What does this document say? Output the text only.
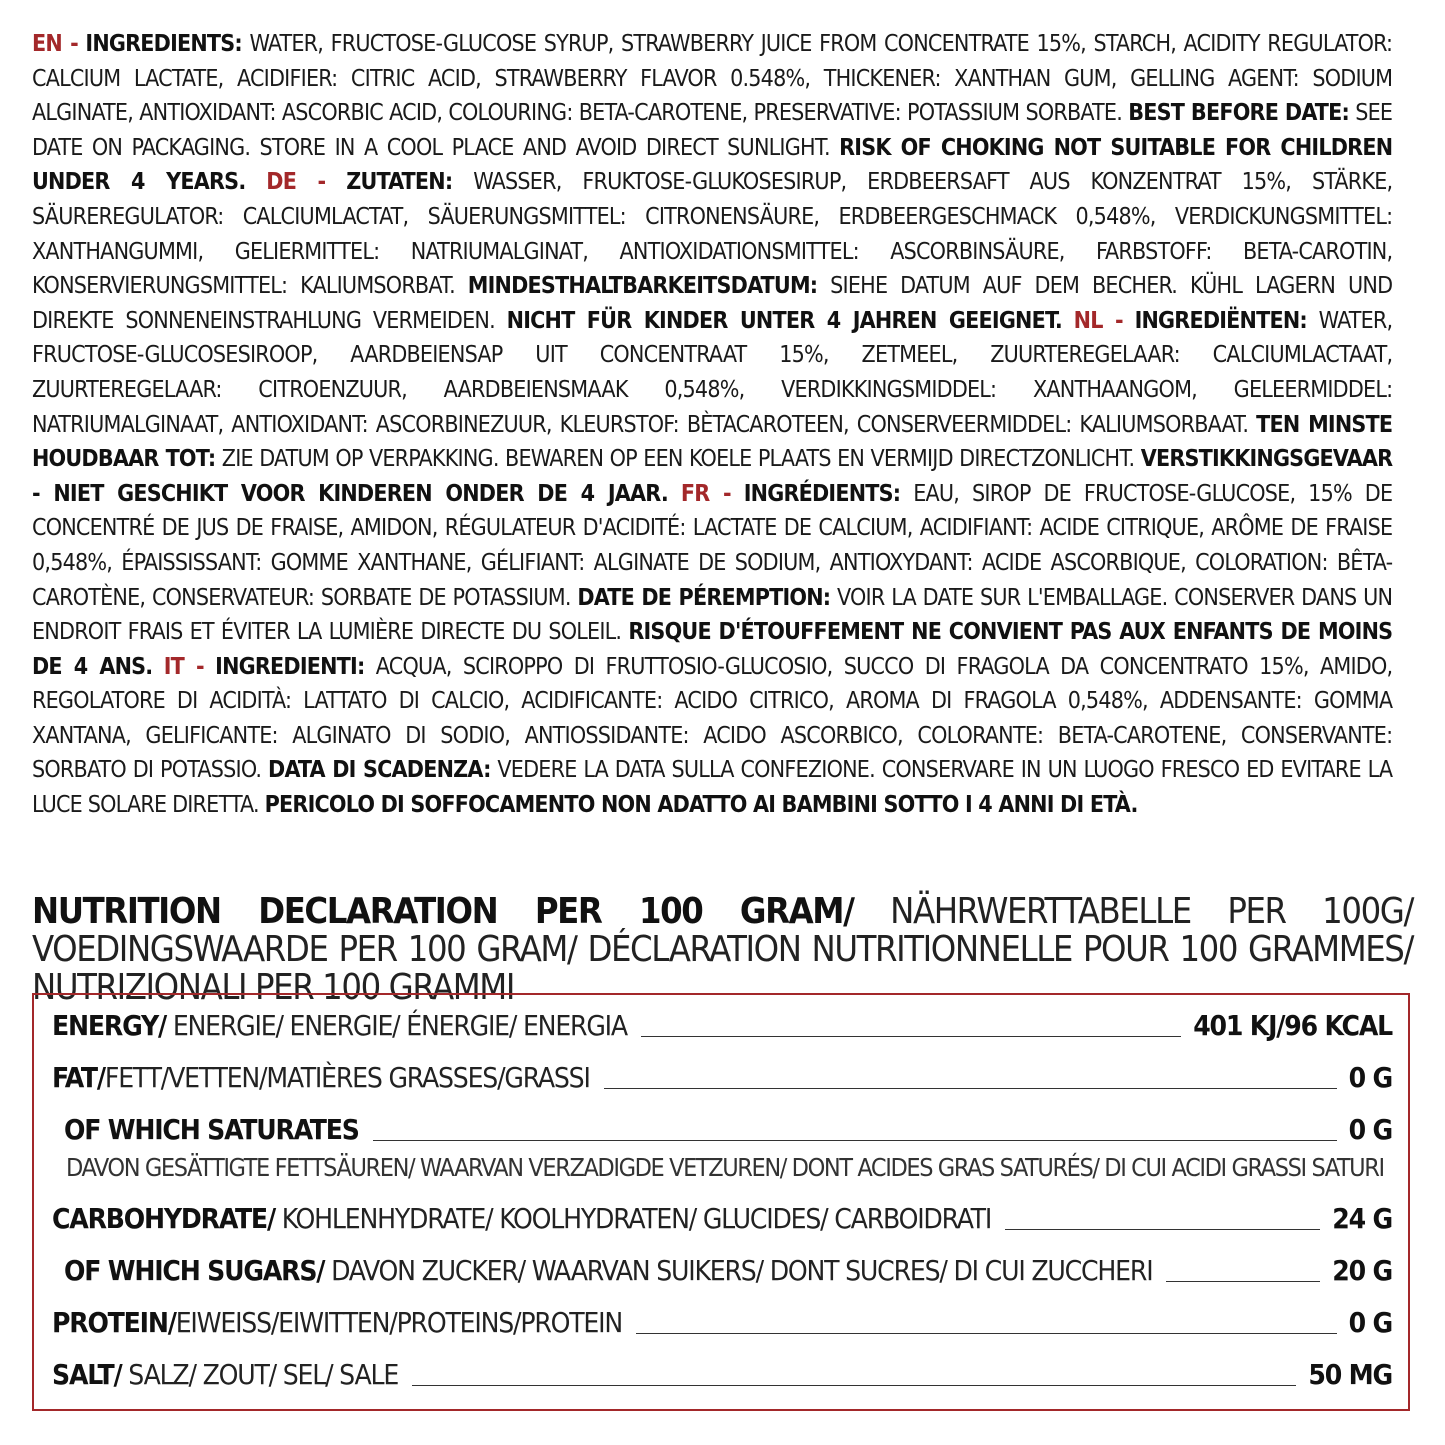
EN - INGREDIENTS: WATER, FRUCTOSE-GLUCOSE SYRUP, STRAWBERRY JUICE FROM CONCENTRATE 15%, STARCH, ACIDITY REGULATOR: CALCIUM LACTATE, ACIDIFIER: CITRIC ACID, STRAWBERRY FLAVOR 0.548%, THICKENER: XANTHAN GUM, GELLING AGENT: SODIUM ALGINATE, ANTIOXIDANT: ASCORBIC ACID, COLOURING: BETA-CAROTENE, PRESERVATIVE: POTASSIUM SORBATE. BEST BEFORE DATE: SEE DATE ON PACKAGING. STORE IN A COOL PLACE AND AVOID DIRECT SUNLIGHT. RISK OF CHOKING NOT SUITABLE FOR CHILDREN UNDER 4 YEARS. DE - ZUTATEN: WASSER, FRUKTOSE-GLUKOSESIRUP, ERDBEERSAFT AUS KONZENTRAT 15%, STÄRKE, SÄUREREGULATOR: CALCIUMLACTAT, SÄUERUNGSMITTEL: CITRONENSÄURE, ERDBEERGESCHMACK 0,548%, VERDICKUNGSMITTEL: XANTHANGUMMI, GELIERMITTEL: NATRIUMALGINAT, ANTIOXIDATIONSMITTEL: ASCORBINSÄURE, FARBSTOFF: BETA-CAROTIN, KONSERVIERUNGSMITTEL: KALIUMSORBAT. MINDESTHALTBARKEITSDATUM: SIEHE DATUM AUF DEM BECHER. KÜHL LAGERN UND DIREKTE SONNENEINSTRAHLUNG VERMEIDEN. NICHT FÜR KINDER UNTER 4 JAHREN GEEIGNET. NL - INGREDIËNTEN: WATER, FRUCTOSE-GLUCOSESIROOP, AARDBEIENSAP UIT CONCENTRAAT 15%, ZETMEEL, ZUURTEREGELAAR: CALCIUMLACTAAT, ZUURTEREGELAAR: CITROENZUUR, AARDBEIENSMAAK 0,548%, VERDIKKINGSMIDDEL: XANTHAANGOM, GELEERMIDDEL: NATRIUMALGINAAT, ANTIOXIDANT: ASCORBINEZUUR, KLEURSTOF: BÈTACAROTEEN, CONSERVEERMIDDEL: KALIUMSORBAAT. TEN MINSTE HOUDBAAR TOT: ZIE DATUM OP VERPAKKING. BEWAREN OP EEN KOELE PLAATS EN VERMIJD DIRECTZONLICHT. VERSTIKKINGSGEVAAR - NIET GESCHIKT VOOR KINDEREN ONDER DE 4 JAAR. FR - INGRÉDIENTS: EAU, SIROP DE FRUCTOSE-GLUCOSE, 15% DE CONCENTRÉ DE JUS DE FRAISE, AMIDON, RÉGULATEUR D'ACIDITÉ: LACTATE DE CALCIUM, ACIDIFIANT: ACIDE CITRIQUE, ARÔME DE FRAISE 0,548%, ÉPAISSISSANT: GOMME XANTHANE, GÉLIFIANT: ALGINATE DE SODIUM, ANTIOXYDANT: ACIDE ASCORBIQUE, COLORATION: BÊTA-CAROTÈNE, CONSERVATEUR: SORBATE DE POTASSIUM. DATE DE PÉREMPTION: VOIR LA DATE SUR L'EMBALLAGE. CONSERVER DANS UN ENDROIT FRAIS ET ÉVITER LA LUMIÈRE DIRECTE DU SOLEIL. RISQUE D'ÉTOUFFEMENT NE CONVIENT PAS AUX ENFANTS DE MOINS DE 4 ANS. IT - INGREDIENTI: ACQUA, SCIROPPO DI FRUTTOSIO-GLUCOSIO, SUCCO DI FRAGOLA DA CONCENTRATO 15%, AMIDO, REGOLATORE DI ACIDITÀ: LATTATO DI CALCIO, ACIDIFICANTE: ACIDO CITRICO, AROMA DI FRAGOLA 0,548%, ADDENSANTE: GOMMA XANTANA, GELIFICANTE: ALGINATO DI SODIO, ANTIOSSIDANTE: ACIDO ASCORBICO, COLORANTE: BETA-CAROTENE, CONSERVANTE: SORBATO DI POTASSIO. DATA DI SCADENZA: VEDERE LA DATA SULLA CONFEZIONE. CONSERVARE IN UN LUOGO FRESCO ED EVITARE LA LUCE SOLARE DIRETTA. PERICOLO DI SOFFOCAMENTO NON ADATTO AI BAMBINI SOTTO I 4 ANNI DI ETÀ.
NUTRITION DECLARATION PER 100 GRAM/ NÄHRWERTTABELLE PER 100G/ VOEDINGSWAARDE PER 100 GRAM/ DÉCLARATION NUTRITIONNELLE POUR 100 GRAMMES/ NUTRIZIONALI PER 100 GRAMMI
ENERGY/ ENERGIE/ ENERGIE/ ÉNERGIE/ ENERGIA	401 KJ/96 KCAL
FAT/FETT/VETTEN/MATIÈRES GRASSES/GRASSI	0 G
OF WHICH SATURATES	0 G
DAVON GESÄTTIGTE FETTSÄUREN/ WAARVAN VERZADIGDE VETZUREN/ DONT ACIDES GRAS SATURÉS/ DI CUI ACIDI GRASSI SATURI
CARBOHYDRATE/ KOHLENHYDRATE/ KOOLHYDRATEN/ GLUCIDES/ CARBOIDRATI	24 G
OF WHICH SUGARS/ DAVON ZUCKER/ WAARVAN SUIKERS/ DONT SUCRES/ DI CUI ZUCCHERI	20 G
PROTEIN/EIWEISS/EIWITTEN/PROTEINS/PROTEIN	0 G
SALT/ SALZ/ ZOUT/ SEL/ SALE	50 MG
